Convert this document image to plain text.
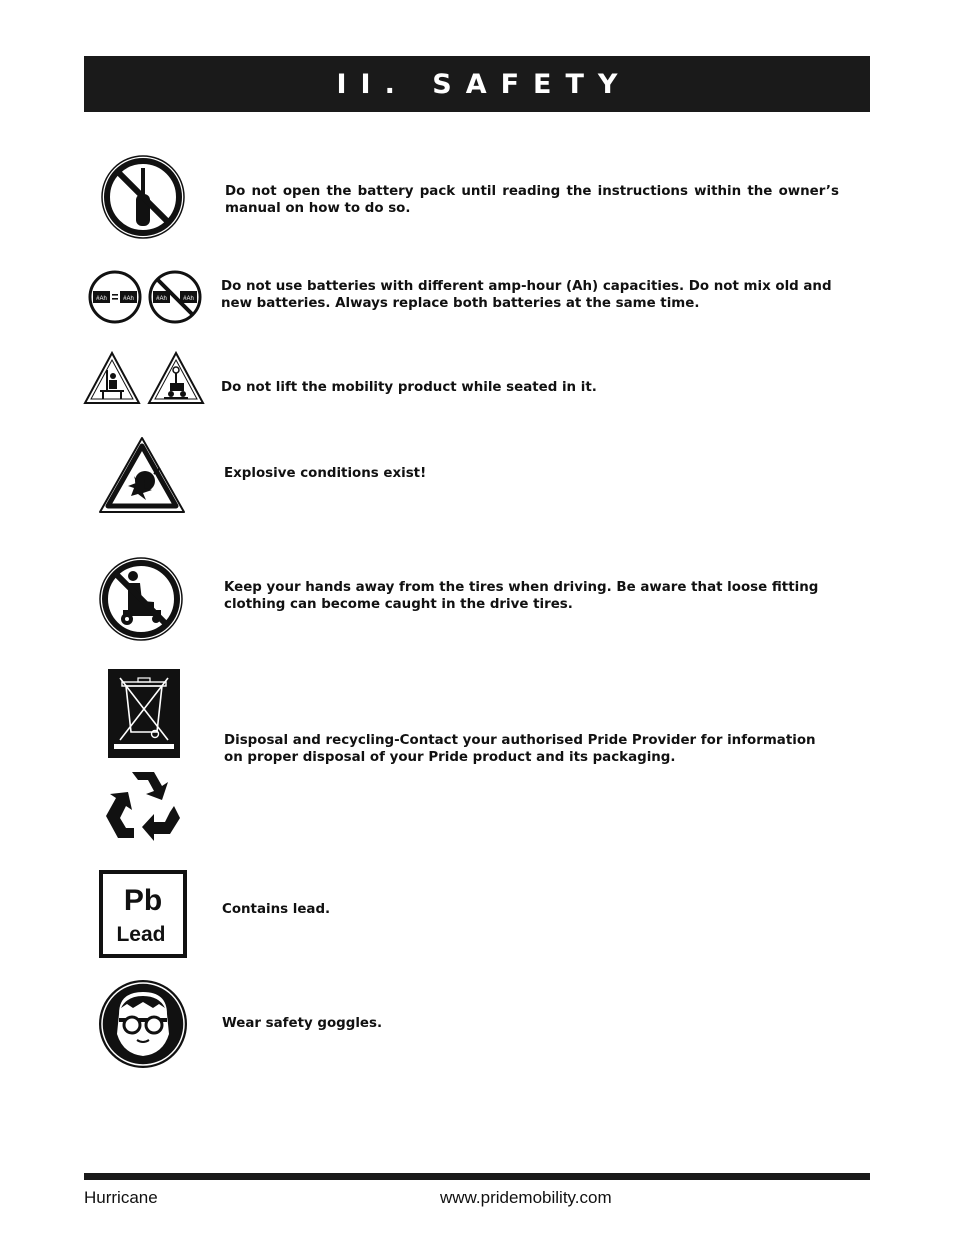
II. SAFETY
Do not open the battery pack until reading the instructions within the owner’s manual on how to do so.
#Ah	#Ah	#Ah	#Ah
Do not use batteries with different amp-hour (Ah) capacities. Do not mix old and new batteries. Always replace both batteries at the same time.
Do not lift the mobility product while seated in it.
Explosive conditions exist!
Keep your hands away from the tires when driving. Be aware that loose fitting clothing can become caught in the drive tires.
Disposal and recycling-Contact your authorised Pride Provider for information on proper disposal of your Pride product and its packaging.
Pb
Lead
Contains lead.
Wear safety goggles.
Hurricane	www.pridemobility.com
